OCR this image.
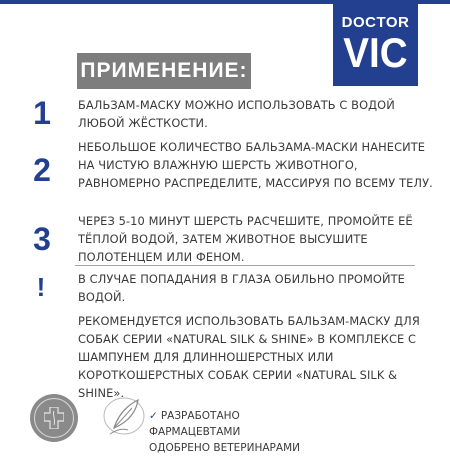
DOCTOR
VIC
ПРИМЕНЕНИЕ:
1 БАЛЬЗАМ-МАСКУ МОЖНО ИСПОЛЬЗОВАТЬ С ВОДОЙ ЛЮБОЙ ЖЁСТКОСТИ.
2
НЕБОЛЬШОЕ КОЛИЧЕСТВО БАЛЬЗАМА-МАСКИ НАНЕСИТЕ НА ЧИСТУЮ ВЛАЖНУЮ ШЕРСТЬ ЖИВОТНОГО, РАВНОМЕРНО РАСПРЕДЕЛИТЕ, МАССИРУЯ ПО ВСЕМУ ТЕЛУ.
3 ЧЕРЕЗ 5-10 МИНУТ ШЕРСТЬ РАСЧЕШИТЕ, ПРОМОЙТЕ ЕЁ ТЁПЛОЙ ВОДОЙ, ЗАТЕМ ЖИВОТНОЕ ВЫСУШИТЕ ПОЛОТЕНЦЕМ ИЛИ ФЕНОМ.
!	В СЛУЧАЕ ПОПАДАНИЯ В ГЛАЗА ОБИЛЬНО ПРОМОЙТЕ ВОДОЙ.
РЕКОМЕНДУЕТСЯ ИСПОЛЬЗОВАТЬ БАЛЬЗАМ-МАСКУ ДЛЯ СОБАК СЕРИИ «NATURAL SILK & SHINE» В КОМПЛЕКСЕ С ШАМПУНЕМ ДЛЯ ДЛИННОШЕРСТНЫХ ИЛИ КОРОТКОШЕРСТНЫХ СОБАК СЕРИИ «NATURAL SILK & SHINE».
✓ РАЗРАБОТАНО ФАРМАЦЕВТАМИ
ОДОБРЕНО ВЕТЕРИНАРАМИ
